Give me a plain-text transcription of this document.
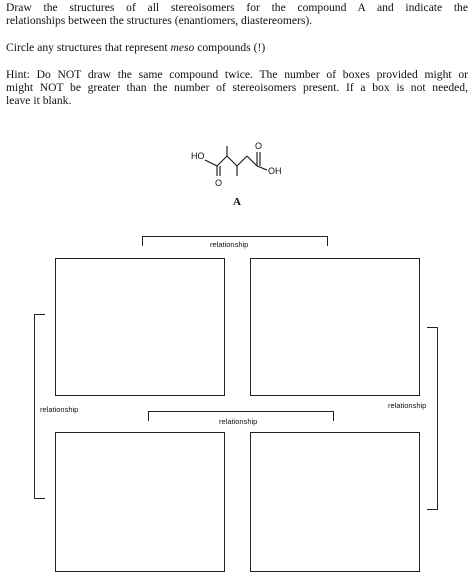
Draw the structures of all stereoisomers for the compound A and indicate the
relationships between the structures (enantiomers, diastereomers).
Circle any structures that represent meso compounds (!)
Hint: Do NOT draw the same compound twice. The number of boxes provided might or
might NOT be greater than the number of stereoisomers present. If a box is not needed,
leave it blank.
HO
OH
O
O
A
relationship
relationship	relationship
relationship
